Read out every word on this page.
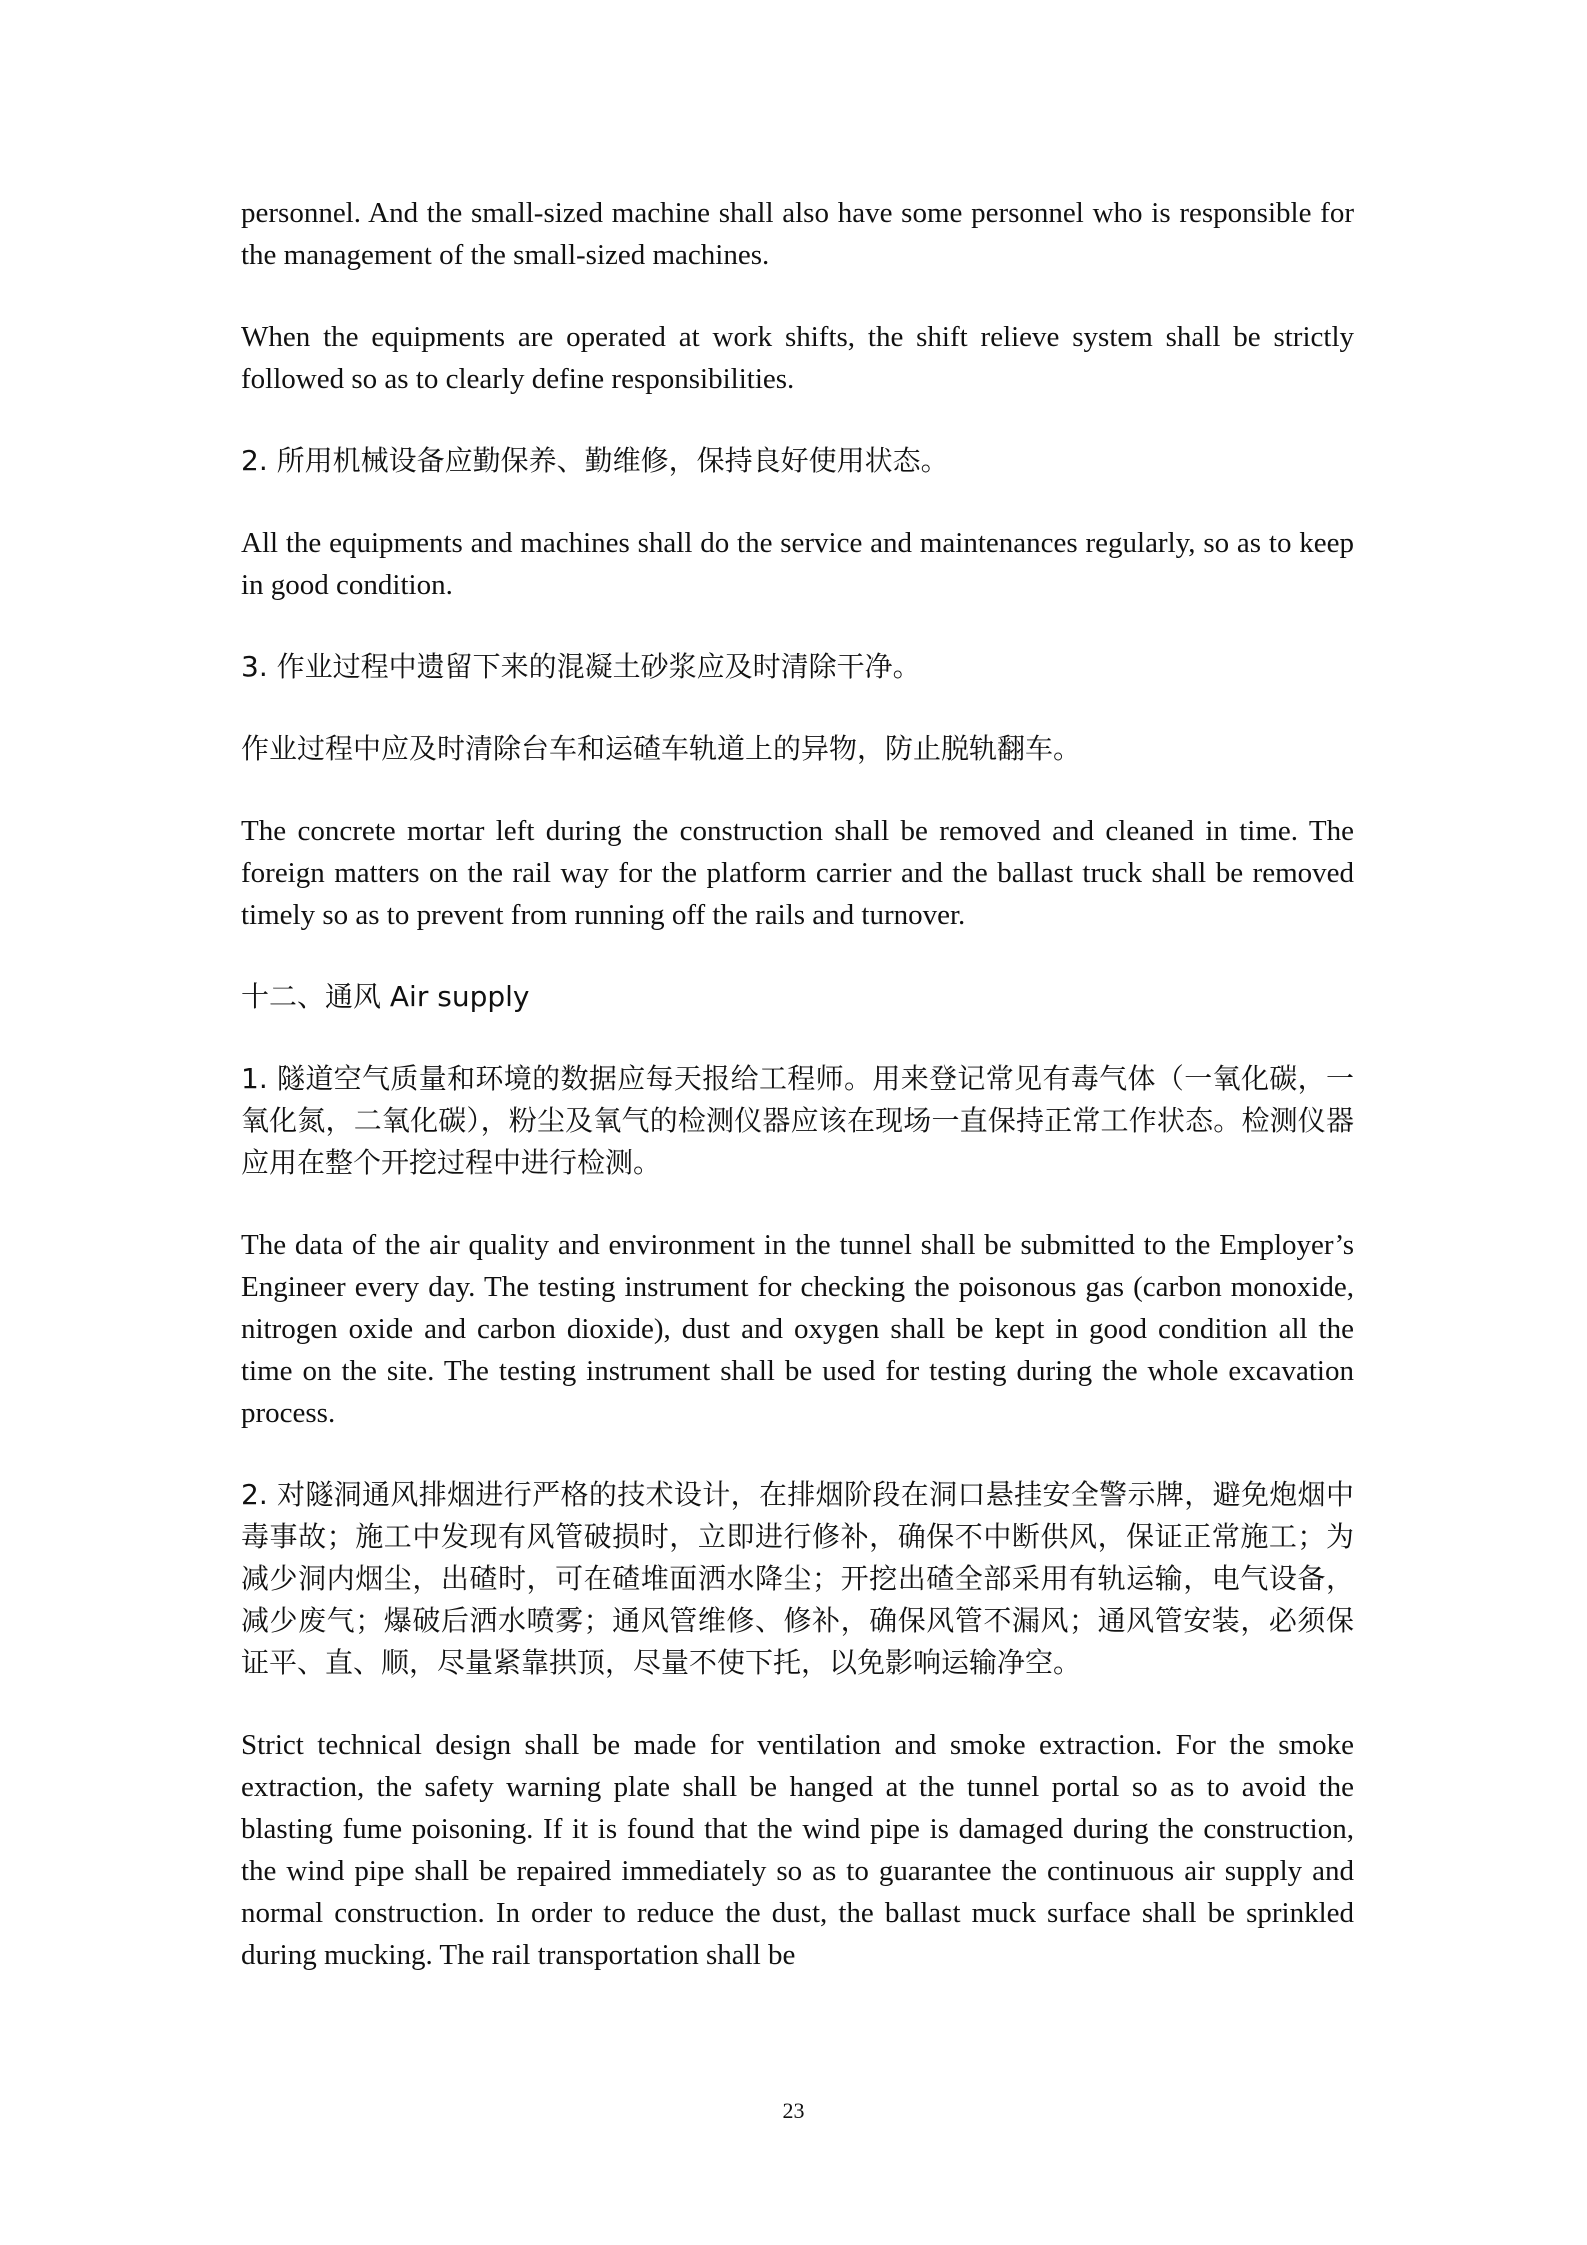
personnel. And the small-sized machine shall also have some personnel who is responsible for the management of the small-sized machines.

When the equipments are operated at work shifts, the shift relieve system shall be strictly followed so as to clearly define responsibilities.

2. 所用机械设备应勤保养、勤维修，保持良好使用状态。

All the equipments and machines shall do the service and maintenances regularly, so as to keep in good condition.

3. 作业过程中遗留下来的混凝土砂浆应及时清除干净。

作业过程中应及时清除台车和运碴车轨道上的异物，防止脱轨翻车。

The concrete mortar left during the construction shall be removed and cleaned in time. The foreign matters on the rail way for the platform carrier and the ballast truck shall be removed timely so as to prevent from running off the rails and turnover.

十二、通风 Air supply

1. 隧道空气质量和环境的数据应每天报给工程师。用来登记常见有毒气体（一氧化碳，一氧化氮，二氧化碳），粉尘及氧气的检测仪器应该在现场一直保持正常工作状态。检测仪器应用在整个开挖过程中进行检测。

The data of the air quality and environment in the tunnel shall be submitted to the Employer’s Engineer every day. The testing instrument for checking the poisonous gas (carbon monoxide, nitrogen oxide and carbon dioxide), dust and oxygen shall be kept in good condition all the time on the site. The testing instrument shall be used for testing during the whole excavation process.

2. 对隧洞通风排烟进行严格的技术设计，在排烟阶段在洞口悬挂安全警示牌，避免炮烟中毒事故；施工中发现有风管破损时，立即进行修补，确保不中断供风，保证正常施工；为减少洞内烟尘，出碴时，可在碴堆面洒水降尘；开挖出碴全部采用有轨运输，电气设备，减少废气；爆破后洒水喷雾；通风管维修、修补，确保风管不漏风；通风管安装，必须保证平、直、顺，尽量紧靠拱顶，尽量不使下托，以免影响运输净空。

Strict technical design shall be made for ventilation and smoke extraction. For the smoke extraction, the safety warning plate shall be hanged at the tunnel portal so as to avoid the blasting fume poisoning. If it is found that the wind pipe is damaged during the construction, the wind pipe shall be repaired immediately so as to guarantee the continuous air supply and normal construction. In order to reduce the dust, the ballast muck surface shall be sprinkled during mucking. The rail transportation shall be

23
